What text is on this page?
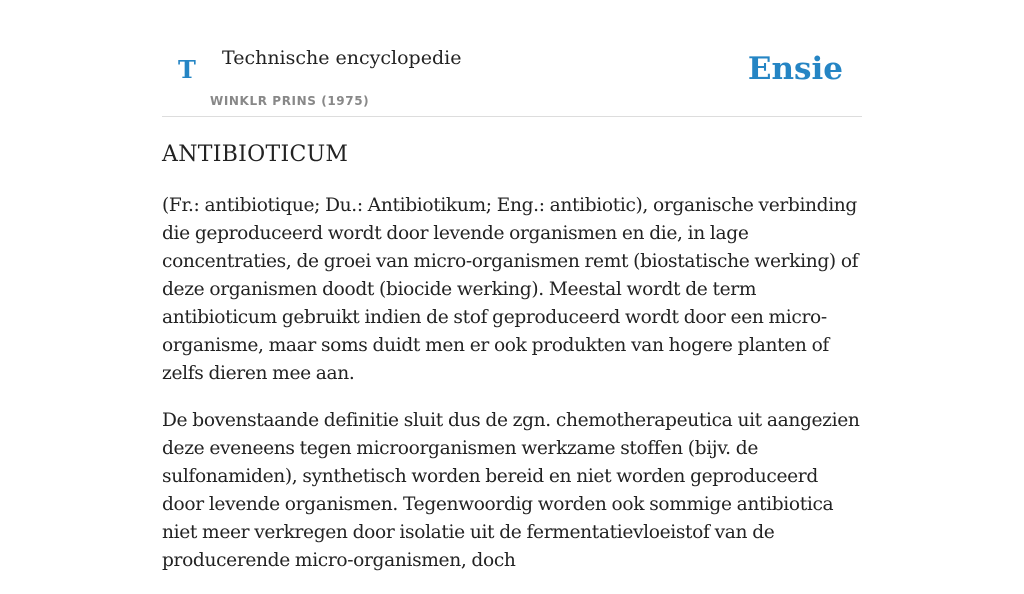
T Technische encyclopedie
WINKLR PRINS (1975)
Ensie
ANTIBIOTICUM

(Fr.: antibiotique; Du.: Antibiotikum; Eng.: antibiotic), organische verbinding die geproduceerd wordt door levende organismen en die, in lage concentraties, de groei van micro-organismen remt (biostatische werking) of deze organismen doodt (biocide werking). Meestal wordt de term antibioticum gebruikt indien de stof geproduceerd wordt door een micro-organisme, maar soms duidt men er ook produkten van hogere planten of zelfs dieren mee aan.

De bovenstaande definitie sluit dus de zgn. chemotherapeutica uit aangezien deze eveneens tegen microorganismen werkzame stoffen (bijv. de sulfonamiden), synthetisch worden bereid en niet worden geproduceerd door levende organismen. Tegenwoordig worden ook sommige antibiotica niet meer verkregen door isolatie uit de fermentatievloeistof van de producerende micro-organismen, doch
